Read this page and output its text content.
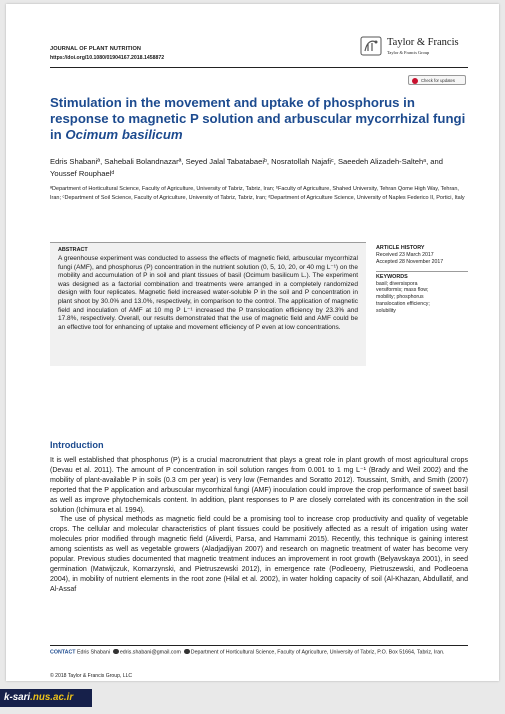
JOURNAL OF PLANT NUTRITION
https://doi.org/10.1080/01904167.2018.1458872
Taylor & Francis
Taylor & Francis Group
Check for updates
Stimulation in the movement and uptake of phosphorus in response to magnetic P solution and arbuscular mycorrhizal fungi in Ocimum basilicum
Edris Shabaniª, Sahebali Bolandnazarª, Seyed Jalal Tabatabaeiᵇ, Nosratollah Najafiᶜ, Saeedeh Alizadeh-Saltehᵃ, and Youssef Rouphaelᵈ
ªDepartment of Horticultural Science, Faculty of Agriculture, University of Tabriz, Tabriz, Iran; ᵇFaculty of Agriculture, Shahed University, Tehran Qome High Way, Tehran, Iran; ᶜDepartment of Soil Science, Faculty of Agriculture, University of Tabriz, Tabriz, Iran; ᵈDepartment of Agriculture Science, University of Naples Federico II, Portici, Italy
ABSTRACT
A greenhouse experiment was conducted to assess the effects of magnetic field, arbuscular mycorrhizal fungi (AMF), and phosphorus (P) concentration in the nutrient solution (0, 5, 10, 20, or 40 mg L⁻¹) on the mobility and accumulation of P in soil and plant tissues of basil (Ocimum basilicum L.). The experiment was designed as a factorial combination and treatments were arranged in a completely randomized design with four replicates. Magnetic field increased water-soluble P in the soil and P concentration in plant shoot by 30.0% and 13.0%, respectively, in comparison to the control. The application of magnetic field and inoculation of AMF at 10 mg P L⁻¹ increased the P translocation efficiency by 23.3% and 17.8%, respectively. Overall, our results demonstrated that the use of magnetic field and AMF could be an effective tool for enhancing of uptake and movement efficiency of P even at low concentrations.
ARTICLE HISTORY
Received 23 March 2017
Accepted 28 November 2017
KEYWORDS
basil; diversispora
versiformis; mass flow;
mobility; phosphorus
translocation efficiency;
solubility
Introduction

It is well established that phosphorus (P) is a crucial macronutrient that plays a great role in plant growth of most agricultural crops (Devau et al. 2011). The amount of P concentration in soil solution ranges from 0.001 to 1 mg L⁻¹ (Brady and Weil 2002) and the mobility of plant-available P in soils (0.3 cm per year) is very low (Fernandes and Soratto 2012). Toussaint, Smith, and Smith (2007) reported that the P application and arbuscular mycorrhizal fungi (AMF) inoculation could improve the crop performance of sweet basil as well as improve phytochemicals content. In addition, plant responses to P are closely correlated with its concentration in the soil solution (Ichimura et al. 1994).

The use of physical methods as magnetic field could be a promising tool to increase crop productivity and quality of vegetable crops. The cellular and molecular characteristics of plant tissues could be positively affected as a result of irrigation using water molecules prior modified through magnetic field (Aliverdi, Parsa, and Hammami 2015). Recently, this technique is gaining interest among scientists as well as vegetable growers (Aladjadjiyan 2007) and research on magnetic treatment of water has become very popular. Previous studies documented that magnetic treatment induces an improvement in root growth (Belyavskaya 2001), in seed germination (Matwijczuk, Kornarzynski, and Pietruszewski 2012), in emergence rate (Podleoeny, Pietruszewski, and Podleoena 2004), in mobility of nutrient elements in the root zone (Hilal et al. 2002), in water holding capacity of soil (Al-Khazan, Abdullatif, and Al-Assaf

CONTACT Edris Shabani edris.shabani@gmail.com Department of Horticultural Science, Faculty of Agriculture, University of Tabriz, P.O. Box 51664, Tabriz, Iran.
© 2018 Taylor & Francis Group, LLC
k-sari.nus.ac.ir
